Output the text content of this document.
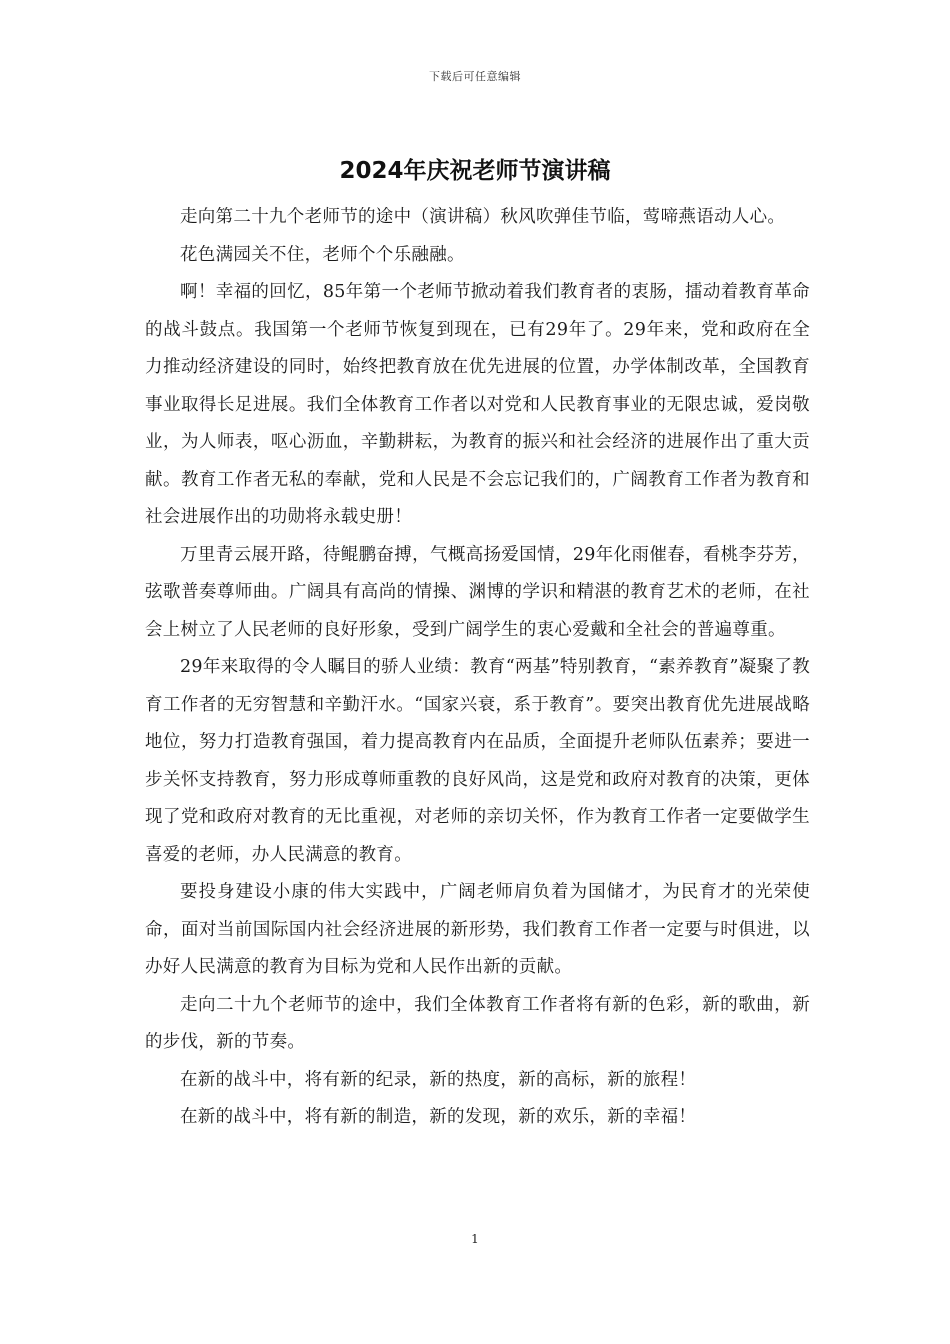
下载后可任意编辑
2024年庆祝老师节演讲稿

走向第二十九个老师节的途中（演讲稿）秋风吹弹佳节临，莺啼燕语动人心。

花色满园关不住，老师个个乐融融。

啊！幸福的回忆，85年第一个老师节掀动着我们教育者的衷肠，擂动着教育革命的战斗鼓点。我国第一个老师节恢复到现在，已有29年了。29年来，党和政府在全力推动经济建设的同时，始终把教育放在优先进展的位置，办学体制改革，全国教育事业取得长足进展。我们全体教育工作者以对党和人民教育事业的无限忠诚，爱岗敬业，为人师表，呕心沥血，辛勤耕耘，为教育的振兴和社会经济的进展作出了重大贡献。教育工作者无私的奉献，党和人民是不会忘记我们的，广阔教育工作者为教育和社会进展作出的功勋将永载史册！

万里青云展开路，待鲲鹏奋搏，气概高扬爱国情，29年化雨催春，看桃李芬芳，弦歌普奏尊师曲。广阔具有高尚的情操、渊博的学识和精湛的教育艺术的老师，在社会上树立了人民老师的良好形象，受到广阔学生的衷心爱戴和全社会的普遍尊重。

29年来取得的令人瞩目的骄人业绩：教育“两基”特别教育，“素养教育”凝聚了教育工作者的无穷智慧和辛勤汗水。“国家兴衰，系于教育”。要突出教育优先进展战略地位，努力打造教育强国，着力提高教育内在品质，全面提升老师队伍素养；要进一步关怀支持教育，努力形成尊师重教的良好风尚，这是党和政府对教育的决策，更体现了党和政府对教育的无比重视，对老师的亲切关怀，作为教育工作者一定要做学生喜爱的老师，办人民满意的教育。

要投身建设小康的伟大实践中，广阔老师肩负着为国储才，为民育才的光荣使命，面对当前国际国内社会经济进展的新形势，我们教育工作者一定要与时俱进，以办好人民满意的教育为目标为党和人民作出新的贡献。

走向二十九个老师节的途中，我们全体教育工作者将有新的色彩，新的歌曲，新的步伐，新的节奏。

在新的战斗中，将有新的纪录，新的热度，新的高标，新的旅程！

在新的战斗中，将有新的制造，新的发现，新的欢乐，新的幸福！

1
